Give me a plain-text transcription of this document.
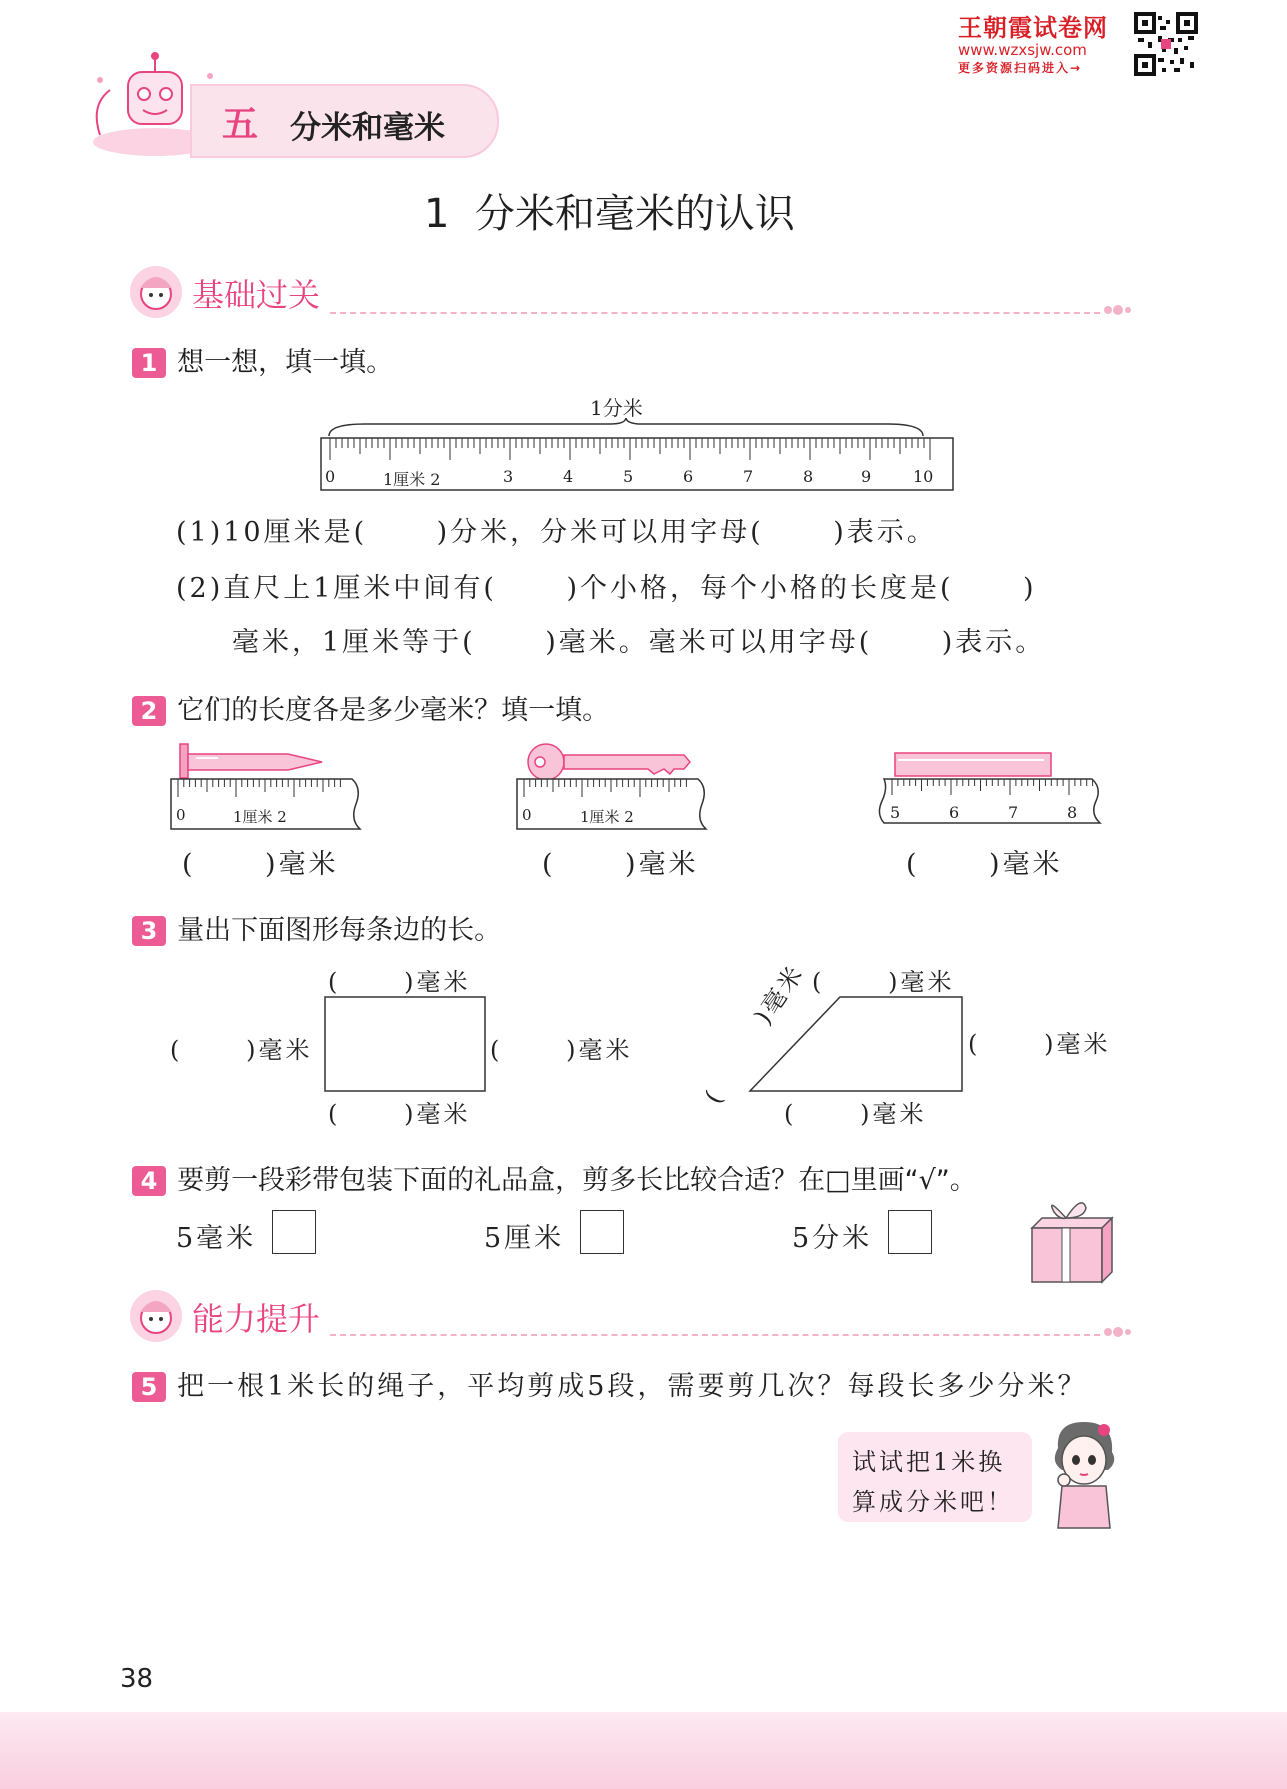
王朝霞试卷网
www.wzxsjw.com
更多资源扫码进入→
五 分米和毫米
1  分米和毫米的认识
基础过关
1 想一想，填一填。
1分米
0	1厘米 2	3	4	5	6	7	8	9	10
(1)10厘米是(      )分米，分米可以用字母(      )表示。
(2)直尺上1厘米中间有(      )个小格，每个小格的长度是(      )
毫米，1厘米等于(      )毫米。毫米可以用字母(      )表示。
2 它们的长度各是多少毫米？填一填。
0	1厘米 2	0	1厘米 2	5	6	7	8
(      )毫米	(      )毫米	(      )毫米
3 量出下面图形每条边的长。
(      )毫米
(      )毫米	(      )毫米
(      )毫米
(      )毫米
)毫米
(
(      )毫米
(      )毫米
4 要剪一段彩带包装下面的礼品盒，剪多长比较合适？在□里画“√”。
5毫米	5厘米	5分米
能力提升
5 把一根1米长的绳子，平均剪成5段，需要剪几次？每段长多少分米？
试试把1米换
算成分米吧！
38
